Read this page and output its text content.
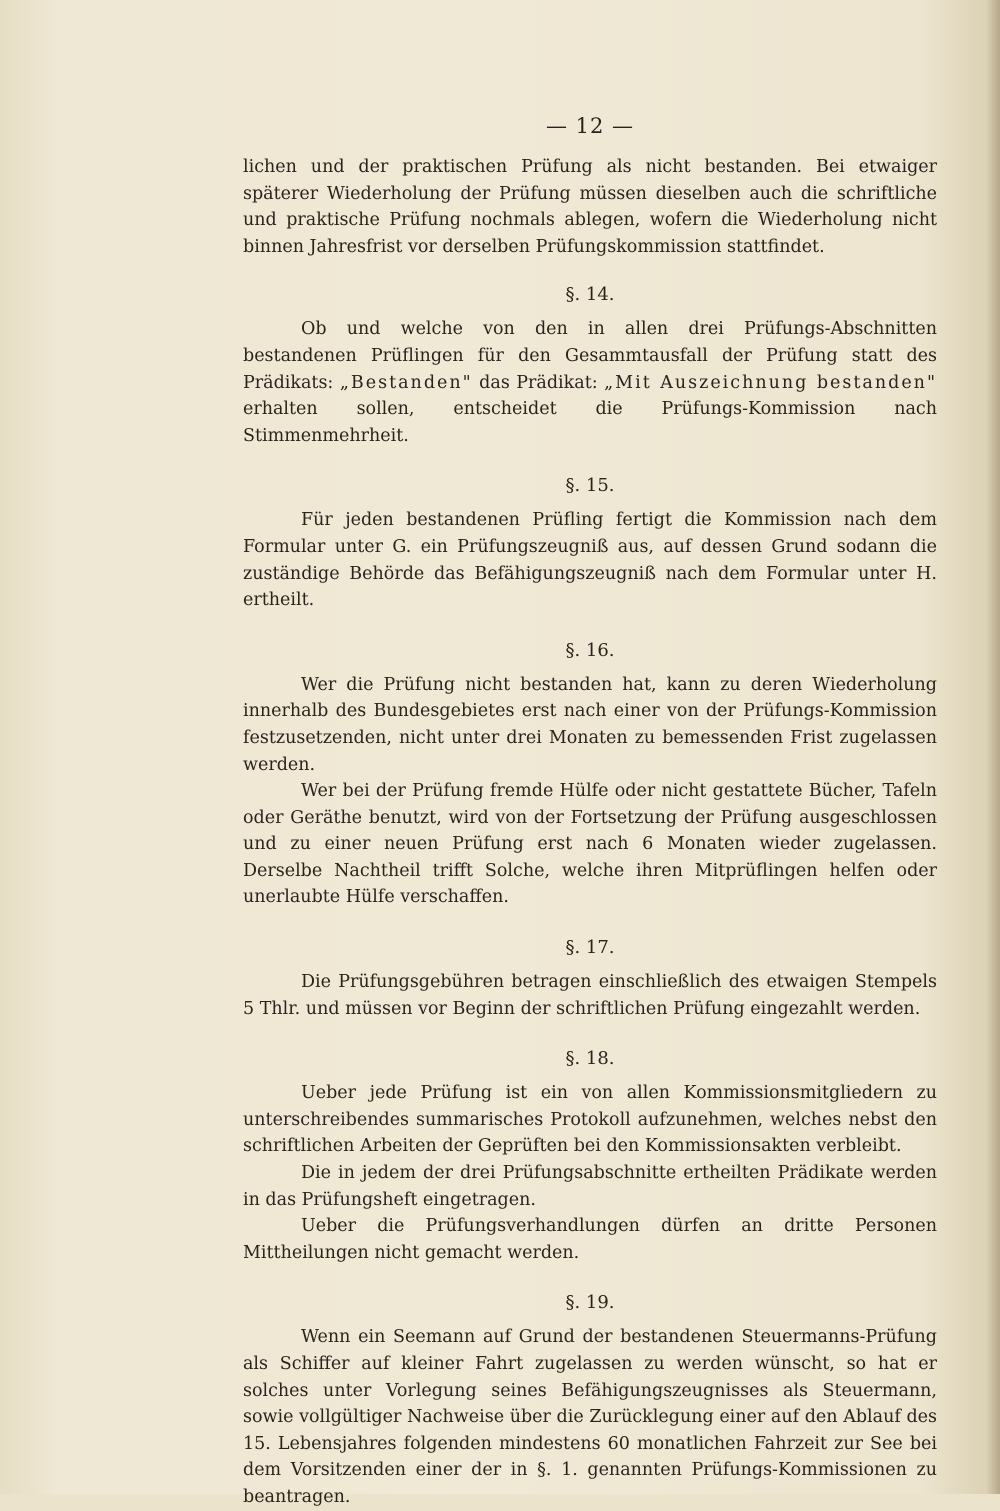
— 12 —

lichen und der praktischen Prüfung als nicht bestanden. Bei etwaiger späterer Wiederholung der Prüfung müssen dieselben auch die schriftliche und praktische Prüfung nochmals ablegen, wofern die Wiederholung nicht binnen Jahresfrist vor derselben Prüfungskommission stattfindet.

§. 14.

Ob und welche von den in allen drei Prüfungs-Abschnitten bestandenen Prüflingen für den Gesammtausfall der Prüfung statt des Prädikats: „Bestanden" das Prädikat: „Mit Auszeichnung bestanden" erhalten sollen, entscheidet die Prüfungs-Kommission nach Stimmenmehrheit.

§. 15.

Für jeden bestandenen Prüfling fertigt die Kommission nach dem Formular unter G. ein Prüfungszeugniß aus, auf dessen Grund sodann die zuständige Behörde das Befähigungszeugniß nach dem Formular unter H. ertheilt.

§. 16.

Wer die Prüfung nicht bestanden hat, kann zu deren Wiederholung innerhalb des Bundesgebietes erst nach einer von der Prüfungs-Kommission festzusetzenden, nicht unter drei Monaten zu bemessenden Frist zugelassen werden.

Wer bei der Prüfung fremde Hülfe oder nicht gestattete Bücher, Tafeln oder Geräthe benutzt, wird von der Fortsetzung der Prüfung ausgeschlossen und zu einer neuen Prüfung erst nach 6 Monaten wieder zugelassen. Derselbe Nachtheil trifft Solche, welche ihren Mitprüflingen helfen oder unerlaubte Hülfe verschaffen.

§. 17.

Die Prüfungsgebühren betragen einschließlich des etwaigen Stempels 5 Thlr. und müssen vor Beginn der schriftlichen Prüfung eingezahlt werden.

§. 18.

Ueber jede Prüfung ist ein von allen Kommissionsmitgliedern zu unterschreibendes summarisches Protokoll aufzunehmen, welches nebst den schriftlichen Arbeiten der Geprüften bei den Kommissionsakten verbleibt.

Die in jedem der drei Prüfungsabschnitte ertheilten Prädikate werden in das Prüfungsheft eingetragen.

Ueber die Prüfungsverhandlungen dürfen an dritte Personen Mittheilungen nicht gemacht werden.

§. 19.

Wenn ein Seemann auf Grund der bestandenen Steuermanns-Prüfung als Schiffer auf kleiner Fahrt zugelassen zu werden wünscht, so hat er solches unter Vorlegung seines Befähigungszeugnisses als Steuermann, sowie vollgültiger Nachweise über die Zurücklegung einer auf den Ablauf des 15. Lebensjahres folgenden mindestens 60 monatlichen Fahrzeit zur See bei dem Vorsitzenden einer der in §. 1. genannten Prüfungs-Kommissionen zu beantragen.
